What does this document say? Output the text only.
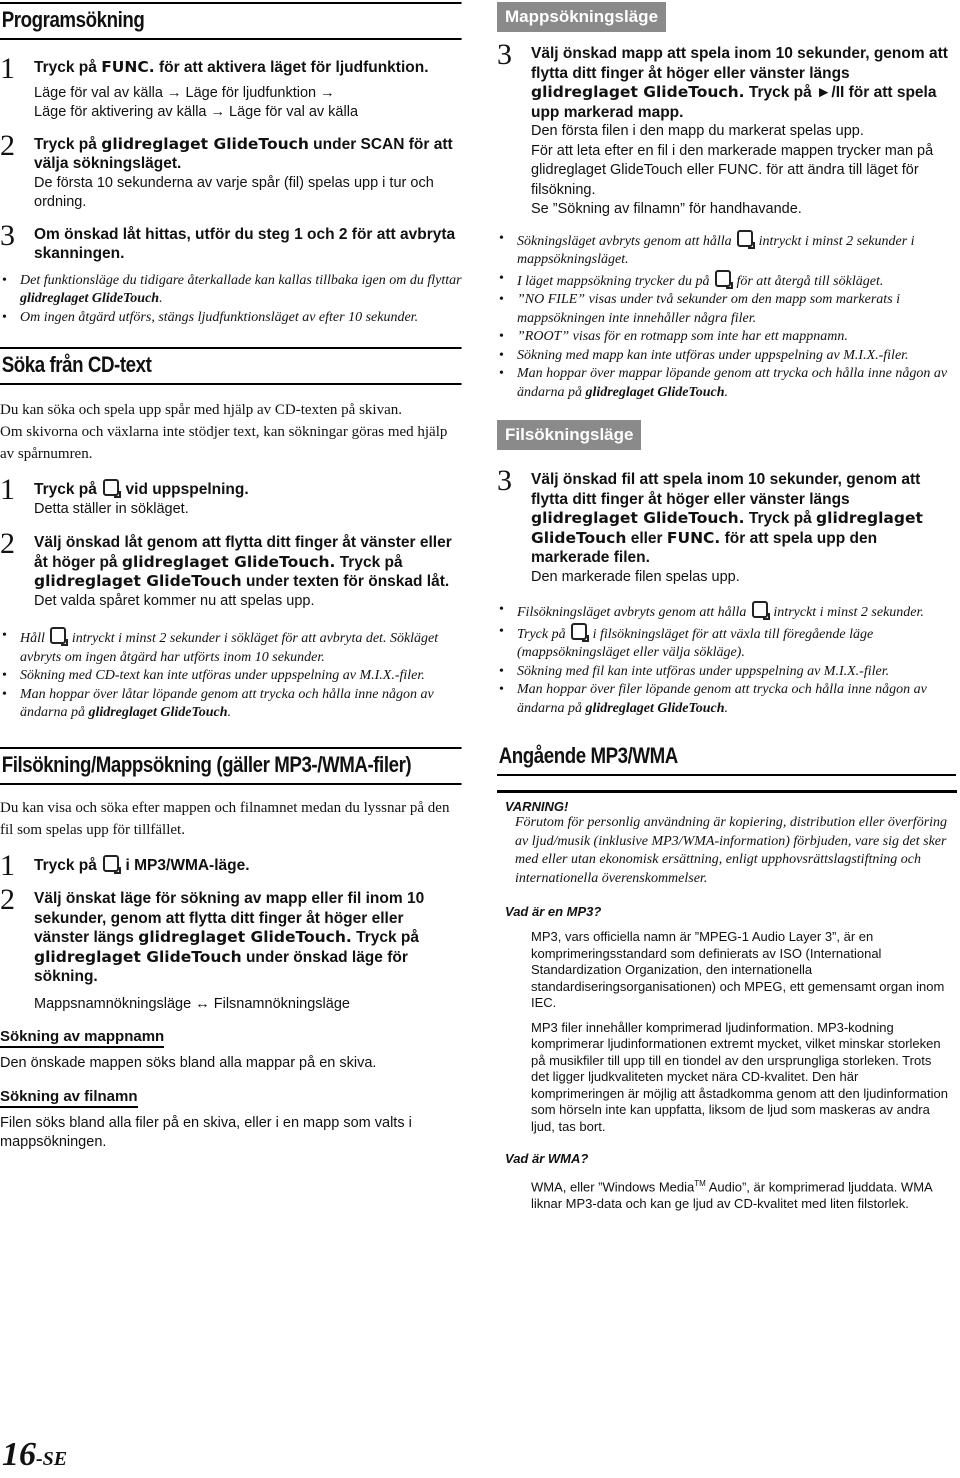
Programsökning
1 Tryck på FUNC. för att aktivera läget för ljudfunktion.
Läge för val av källa → Läge för ljudfunktion →
Läge för aktivering av källa → Läge för val av källa
2 Tryck på glidreglaget GlideTouch under SCAN för att välja sökningsläget.
De första 10 sekunderna av varje spår (fil) spelas upp i tur och ordning.
3 Om önskad låt hittas, utför du steg 1 och 2 för att avbryta skanningen.
• Det funktionsläge du tidigare återkallade kan kallas tillbaka igen om du flyttar glidreglaget GlideTouch.
• Om ingen åtgärd utförs, stängs ljudfunktionsläget av efter 10 sekunder.
Söka från CD-text
Du kan söka och spela upp spår med hjälp av CD-texten på skivan.
Om skivorna och växlarna inte stödjer text, kan sökningar göras med hjälp av spårnumren.
1 Tryck på  vid uppspelning.
Detta ställer in sökläget.
2 Välj önskad låt genom att flytta ditt finger åt vänster eller åt höger på glidreglaget GlideTouch. Tryck på glidreglaget GlideTouch under texten för önskad låt.
Det valda spåret kommer nu att spelas upp.
• Håll  intryckt i minst 2 sekunder i sökläget för att avbryta det. Sökläget avbryts om ingen åtgärd har utförts inom 10 sekunder.
• Sökning med CD-text kan inte utföras under uppspelning av M.I.X.-filer.
• Man hoppar över låtar löpande genom att trycka och hålla inne någon av ändarna på glidreglaget GlideTouch.
Filsökning/Mappsökning (gäller MP3-/WMA-filer)
Du kan visa och söka efter mappen och filnamnet medan du lyssnar på den fil som spelas upp för tillfället.
1 Tryck på  i MP3/WMA-läge.
2 Välj önskat läge för sökning av mapp eller fil inom 10 sekunder, genom att flytta ditt finger åt höger eller vänster längs glidreglaget GlideTouch. Tryck på glidreglaget GlideTouch under önskad läge för sökning.
Mappsnamnökningsläge ↔ Filsnamnökningsläge
Sökning av mappnamn
Den önskade mappen söks bland alla mappar på en skiva.
Sökning av filnamn
Filen söks bland alla filer på en skiva, eller i en mapp som valts i mappsökningen.
16-SE
Mappsökningsläge
3 Välj önskad mapp att spela inom 10 sekunder, genom att flytta ditt finger åt höger eller vänster längs glidreglaget GlideTouch. Tryck på ►/II för att spela upp markerad mapp.
Den första filen i den mapp du markerat spelas upp.
För att leta efter en fil i den markerade mappen trycker man på glidreglaget GlideTouch eller FUNC. för att ändra till läget för filsökning.
Se ”Sökning av filnamn” för handhavande.
• Sökningsläget avbryts genom att hålla  intryckt i minst 2 sekunder i mappsökningsläget.
• I läget mappsökning trycker du på  för att återgå till sökläget.
• ”NO FILE” visas under två sekunder om den mapp som markerats i mappsökningen inte innehåller några filer.
• ”ROOT” visas för en rotmapp som inte har ett mappnamn.
• Sökning med mapp kan inte utföras under uppspelning av M.I.X.-filer.
• Man hoppar över mappar löpande genom att trycka och hålla inne någon av ändarna på glidreglaget GlideTouch.
Filsökningsläge
3 Välj önskad fil att spela inom 10 sekunder, genom att flytta ditt finger åt höger eller vänster längs glidreglaget GlideTouch. Tryck på glidreglaget GlideTouch eller FUNC. för att spela upp den markerade filen.
Den markerade filen spelas upp.
• Filsökningsläget avbryts genom att hålla  intryckt i minst 2 sekunder.
• Tryck på  i filsökningsläget för att växla till föregående läge (mappsökningsläget eller välja sökläge).
• Sökning med fil kan inte utföras under uppspelning av M.I.X.-filer.
• Man hoppar över filer löpande genom att trycka och hålla inne någon av ändarna på glidreglaget GlideTouch.
Angående MP3/WMA
VARNING!
Förutom för personlig användning är kopiering, distribution eller överföring av ljud/musik (inklusive MP3/WMA-information) förbjuden, vare sig det sker med eller utan ekonomisk ersättning, enligt upphovsrättslagstiftning och internationella överenskommelser.
Vad är en MP3?
MP3, vars officiella namn är ”MPEG-1 Audio Layer 3”, är en komprimeringsstandard som definierats av ISO (International Standardization Organization, den internationella standardiseringsorganisationen) och MPEG, ett gemensamt organ inom IEC.
MP3 filer innehåller komprimerad ljudinformation. MP3-kodning komprimerar ljudinformationen extremt mycket, vilket minskar storleken på musikfiler till upp till en tiondel av den ursprungliga storleken. Trots det ligger ljudkvaliteten mycket nära CD-kvalitet. Den här komprimeringen är möjlig att åstadkomma genom att den ljudinformation som hörseln inte kan uppfatta, liksom de ljud som maskeras av andra ljud, tas bort.
Vad är WMA?
WMA, eller ”Windows Media™ Audio”, är komprimerad ljuddata. WMA liknar MP3-data och kan ge ljud av CD-kvalitet med liten filstorlek.
